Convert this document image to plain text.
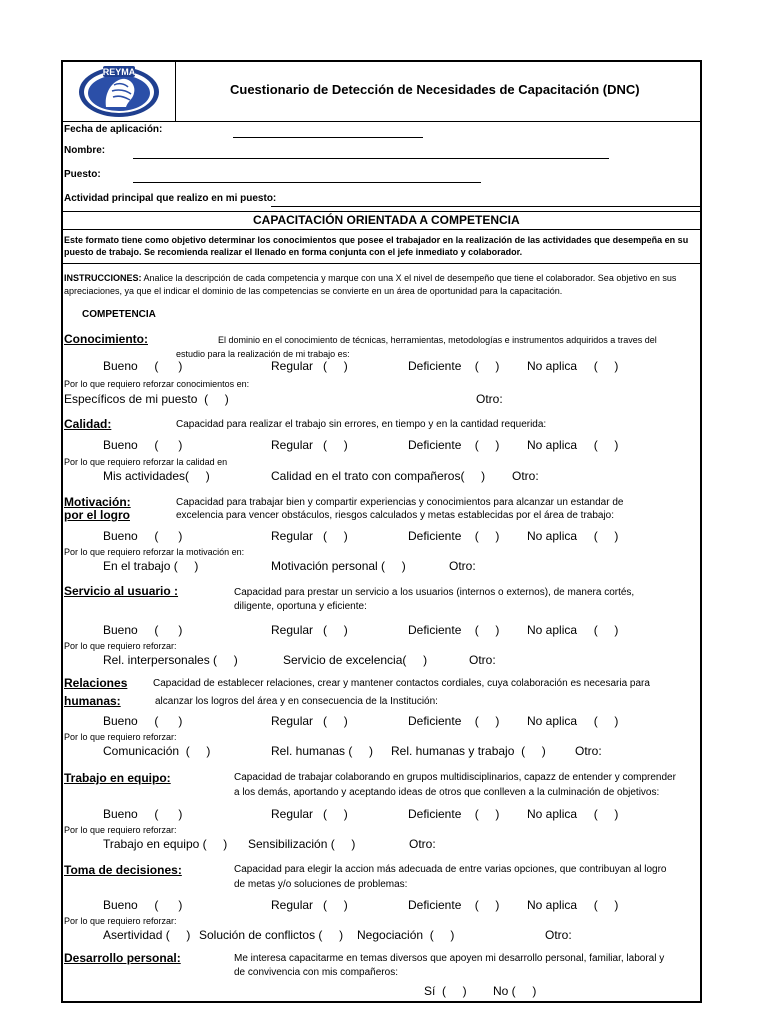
REYMA
Cuestionario de Detección de Necesidades de Capacitación (DNC)
Fecha de aplicación:
Nombre:
Puesto:
Actividad principal que realizo en mi puesto:
CAPACITACIÓN ORIENTADA A COMPETENCIA
Este formato tiene como objetivo determinar los conocimientos que posee el trabajador en la realización de las actividades que desempeña en su puesto de trabajo. Se recomienda realizar el llenado en forma conjunta con el jefe inmediato y colaborador.
INSTRUCCIONES: Analice la descripción de cada competencia y marque con una X el nivel de desempeño que tiene el colaborador. Sea objetivo en sus apreciaciones, ya que el indicar el dominio de las competencias se convierte en un área de oportunidad para la capacitación.
COMPETENCIA
Conocimiento:	El dominio en el conocimiento de técnicas, herramientas, metodologías e instrumentos adquiridos a traves del
estudio para la realización de mi trabajo es:
Bueno     (      )	Regular   (     )	Deficiente    (     ) No aplica     (     )
Por lo que requiero reforzar conocimientos en:
Específicos de mi puesto  (     )	Otro:
Calidad:	Capacidad para realizar el trabajo sin errores, en tiempo y en la cantidad requerida:
Bueno     (      )	Regular   (     )	Deficiente    (     ) No aplica     (     )
Por lo que requiero reforzar la calidad en
Mis actividades(     )	Calidad en el trato con compañeros(     ) Otro:
Motivación:
por el logro
Capacidad para trabajar bien y compartir experiencias y conocimientos para alcanzar un estandar de
excelencia para vencer obstáculos, riesgos calculados y metas establecidas por el área de trabajo:
Bueno     (      )	Regular   (     )	Deficiente    (     ) No aplica     (     )
Por lo que requiero reforzar la motivación en:
En el trabajo (     )	Motivación personal (     )	Otro:
Servicio al usuario :	Capacidad para prestar un servicio a los usuarios (internos o externos), de manera cortés,
diligente, oportuna y eficiente:
Bueno     (      )	Regular   (     )	Deficiente    (     ) No aplica     (     )
Por lo que requiero reforzar:
Rel. interpersonales (     )	Servicio de excelencia(     )	Otro:
Relaciones
humanas:
Capacidad de establecer relaciones, crear y mantener contactos cordiales, cuya colaboración es necesaria para
alcanzar los logros del área y en consecuencia de la Institución:
Bueno     (      )	Regular   (     )	Deficiente    (     ) No aplica     (     )
Por lo que requiero reforzar:
Comunicación  (     )	Rel. humanas (     ) Rel. humanas y trabajo  (     ) Otro:
Trabajo en equipo:	Capacidad de trabajar colaborando en grupos multidisciplinarios, capazz de entender y comprender
a los demás, aportando y aceptando ideas de otros que conlleven a la culminación de objetivos:
Bueno     (      )	Regular   (     )	Deficiente    (     ) No aplica     (     )
Por lo que requiero reforzar:
Trabajo en equipo (     ) Sensibilización (     )	Otro:
Toma de decisiones:	Capacidad para elegir la accion más adecuada de entre varias opciones, que contribuyan al logro
de metas y/o soluciones de problemas:
Bueno     (      )	Regular   (     )	Deficiente    (     ) No aplica     (     )
Por lo que requiero reforzar:
Asertividad (     ) Solución de conflictos (     ) Negociación  (     )	Otro:
Desarrollo personal:	Me interesa capacitarme en temas diversos que apoyen mi desarrollo personal, familiar, laboral y
de convivencia con mis compañeros:
Sí  (     ) No (     )
